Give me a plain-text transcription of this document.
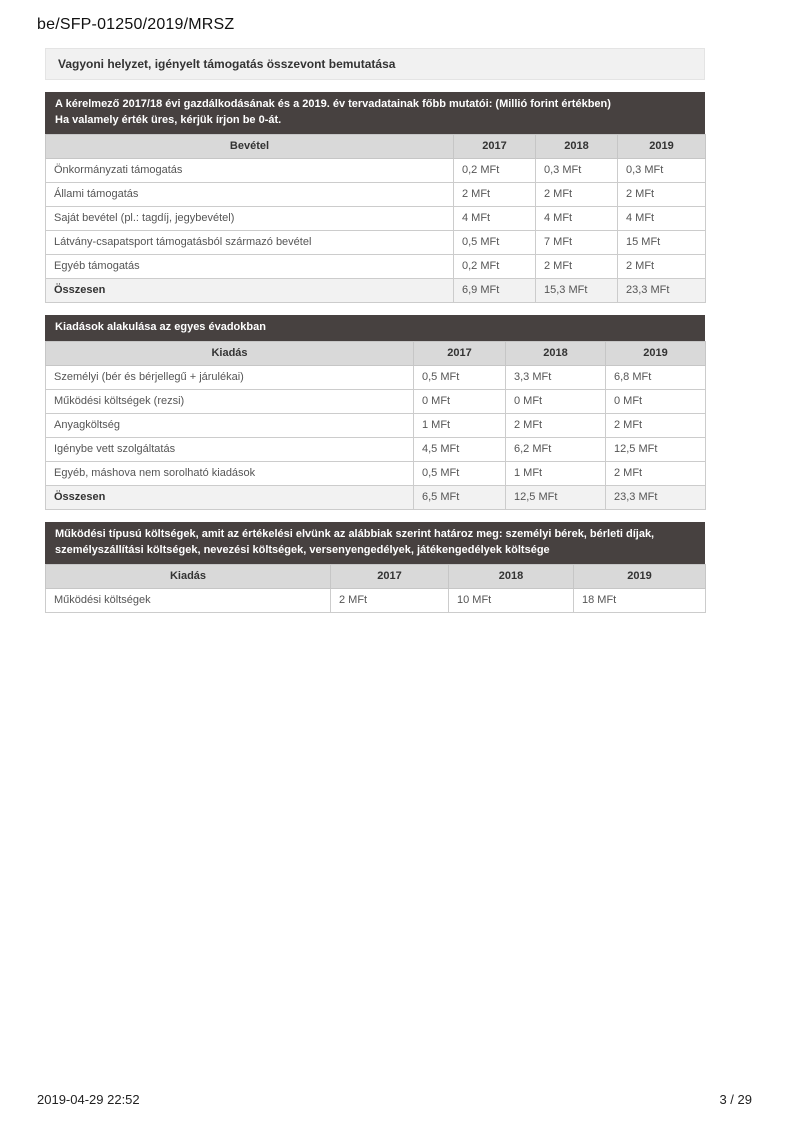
be/SFP-01250/2019/MRSZ
Vagyoni helyzet, igényelt támogatás összevont bemutatása
A kérelmező 2017/18 évi gazdálkodásának és a 2019. év tervadatainak főbb mutatói: (Millió forint értékben)
Ha valamely érték üres, kérjük írjon be 0-át.
Bevétel	2017	2018	2019
Önkormányzati támogatás	0,2 MFt	0,3 MFt	0,3 MFt
Állami támogatás	2 MFt	2 MFt	2 MFt
Saját bevétel (pl.: tagdíj, jegybevétel)	4 MFt	4 MFt	4 MFt
Látvány-csapatsport támogatásból származó bevétel	0,5 MFt	7 MFt	15 MFt
Egyéb támogatás	0,2 MFt	2 MFt	2 MFt
Összesen	6,9 MFt	15,3 MFt	23,3 MFt
Kiadások alakulása az egyes évadokban
Kiadás	2017	2018	2019
Személyi (bér és bérjellegű + járulékai)	0,5 MFt	3,3 MFt	6,8 MFt
Működési költségek (rezsi)	0 MFt	0 MFt	0 MFt
Anyagköltség	1 MFt	2 MFt	2 MFt
Igénybe vett szolgáltatás	4,5 MFt	6,2 MFt	12,5 MFt
Egyéb, máshova nem sorolható kiadások	0,5 MFt	1 MFt	2 MFt
Összesen	6,5 MFt	12,5 MFt	23,3 MFt
Működési típusú költségek, amit az értékelési elvünk az alábbiak szerint határoz meg: személyi bérek, bérleti díjak, személyszállítási költségek, nevezési költségek, versenyengedélyek, játékengedélyek költsége
Kiadás	2017	2018	2019
Működési költségek	2 MFt	10 MFt	18 MFt
2019-04-29 22:52	3 / 29
